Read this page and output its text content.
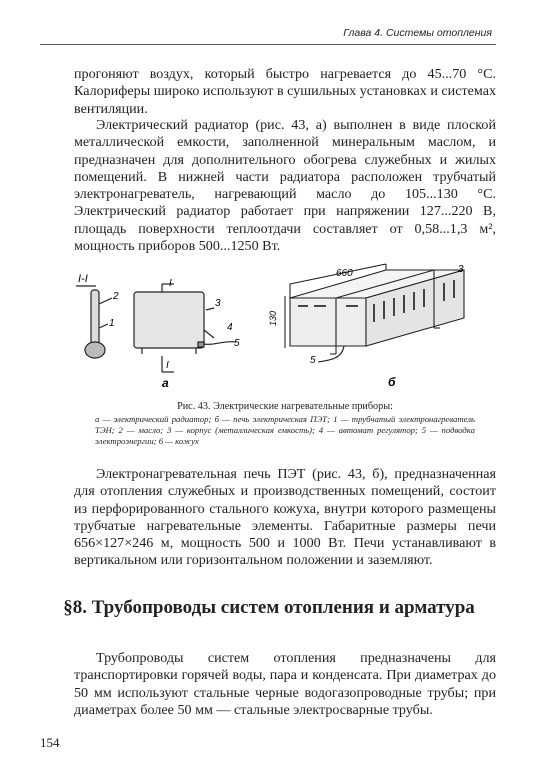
Глава 4. Системы отопления

прогоняют воздух, который быстро нагревается до 45...70 °С. Калориферы широко используют в сушильных установках и системах вентиляции.

Электрический радиатор (рис. 43, а) выполнен в виде плоской металлической емкости, заполненной минеральным маслом, и предназначен для дополнительного обогрева служебных и жилых помещений. В нижней части радиатора расположен трубчатый электронагреватель, нагревающий масло до 105...130 °С. Электрический радиатор работает при напряжении 127...220 В, площадь поверхности теплоотдачи составляет от 0,58...1,3 м², мощность приборов 500...1250 Вт.

I-I
2
1
I
I
3
4
5
а
660
130
3
5
б

Рис. 43. Электрические нагревательные приборы:

а — электрический радиатор; б — печь электрическая ПЭТ; 1 — трубчатый электронагреватель ТЭН; 2 — масло; 3 — корпус (металлическая емкость); 4 — автомат регулятор; 5 — подводка электроэнергии; 6 — кожух

Электронагревательная печь ПЭТ (рис. 43, б), предназначенная для отопления служебных и производственных помещений, состоит из перфорированного стального кожуха, внутри которого размещены трубчатые нагревательные элементы. Габаритные размеры печи 656×127×246 м, мощность 500 и 1000 Вт. Печи устанавливают в вертикальном или горизонтальном положении и заземляют.

§8. Трубопроводы систем отопления и арматура

Трубопроводы систем отопления предназначены для транспортировки горячей воды, пара и конденсата. При диаметрах до 50 мм используют стальные черные водогазопроводные трубы; при диаметрах более 50 мм — стальные электросварные трубы.

154
